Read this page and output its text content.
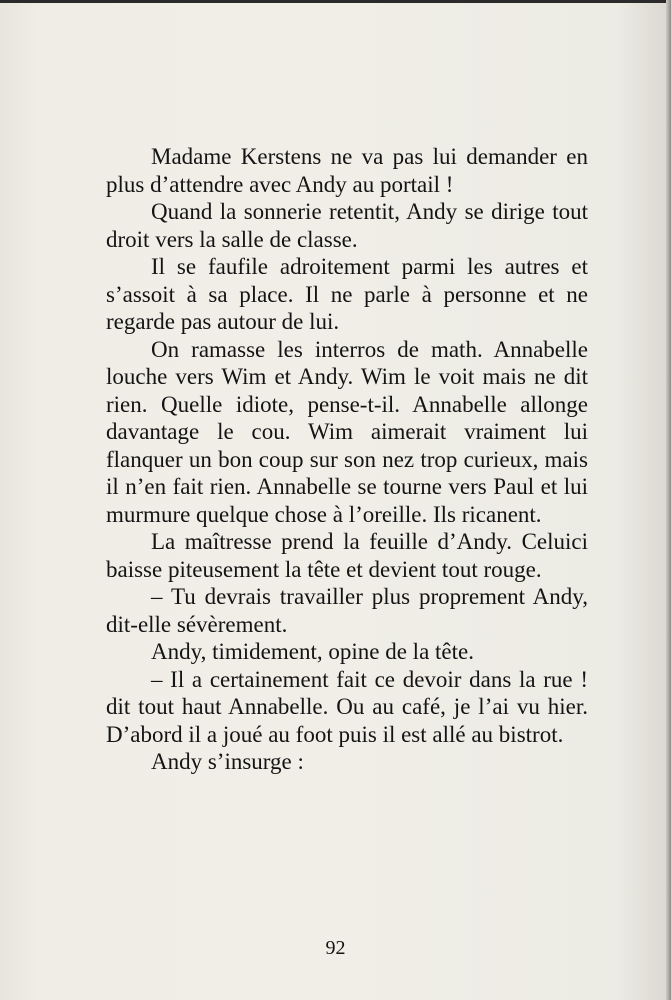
Madame Kerstens ne va pas lui demander en plus d’attendre avec Andy au portail !

Quand la sonnerie retentit, Andy se dirige tout droit vers la salle de classe.

Il se faufile adroitement parmi les autres et s’assoit à sa place. Il ne parle à personne et ne regarde pas autour de lui.

On ramasse les interros de math. Annabelle louche vers Wim et Andy. Wim le voit mais ne dit rien. Quelle idiote, pense-t-il. Annabelle allonge davantage le cou. Wim aimerait vraiment lui flanquer un bon coup sur son nez trop curieux, mais il n’en fait rien. Annabelle se tourne vers Paul et lui murmure quelque chose à l’oreille. Ils ricanent.

La maîtresse prend la feuille d’Andy. Celuici baisse piteusement la tête et devient tout rouge.

– Tu devrais travailler plus proprement Andy, dit-elle sévèrement.

Andy, timidement, opine de la tête.

– Il a certainement fait ce devoir dans la rue ! dit tout haut Annabelle. Ou au café, je l’ai vu hier. D’abord il a joué au foot puis il est allé au bistrot.

Andy s’insurge :

92
